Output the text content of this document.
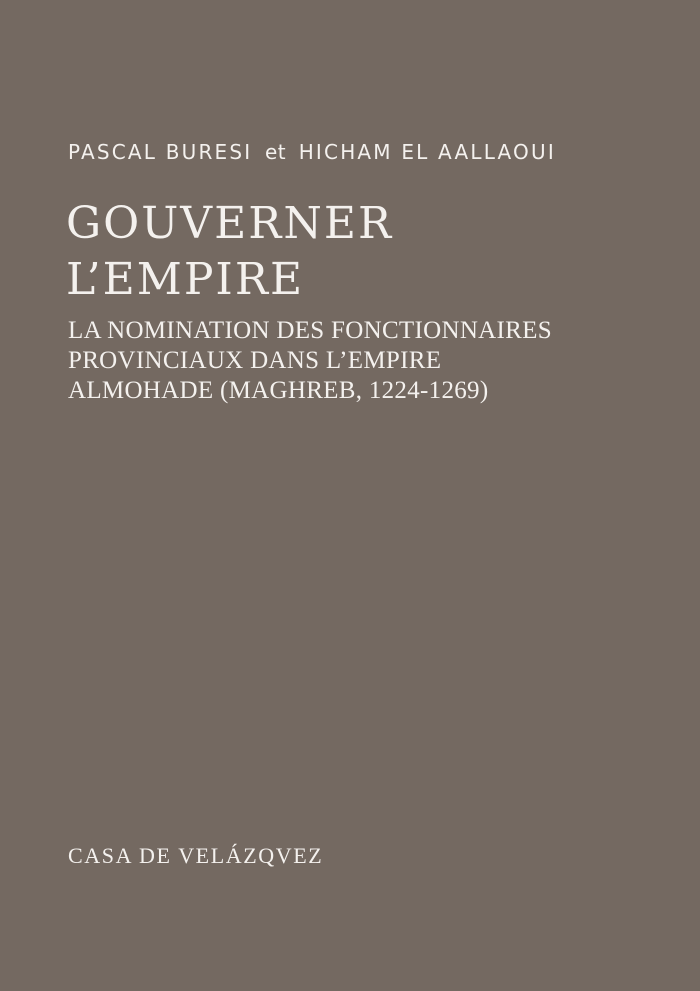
PASCAL BURESI et HICHAM EL AALLAOUI
GOUVERNER
L’EMPIRE
LA NOMINATION DES FONCTIONNAIRES
PROVINCIAUX DANS L’EMPIRE
ALMOHADE (MAGHREB, 1224-1269)
CASA DE VELÁZQVEZ
